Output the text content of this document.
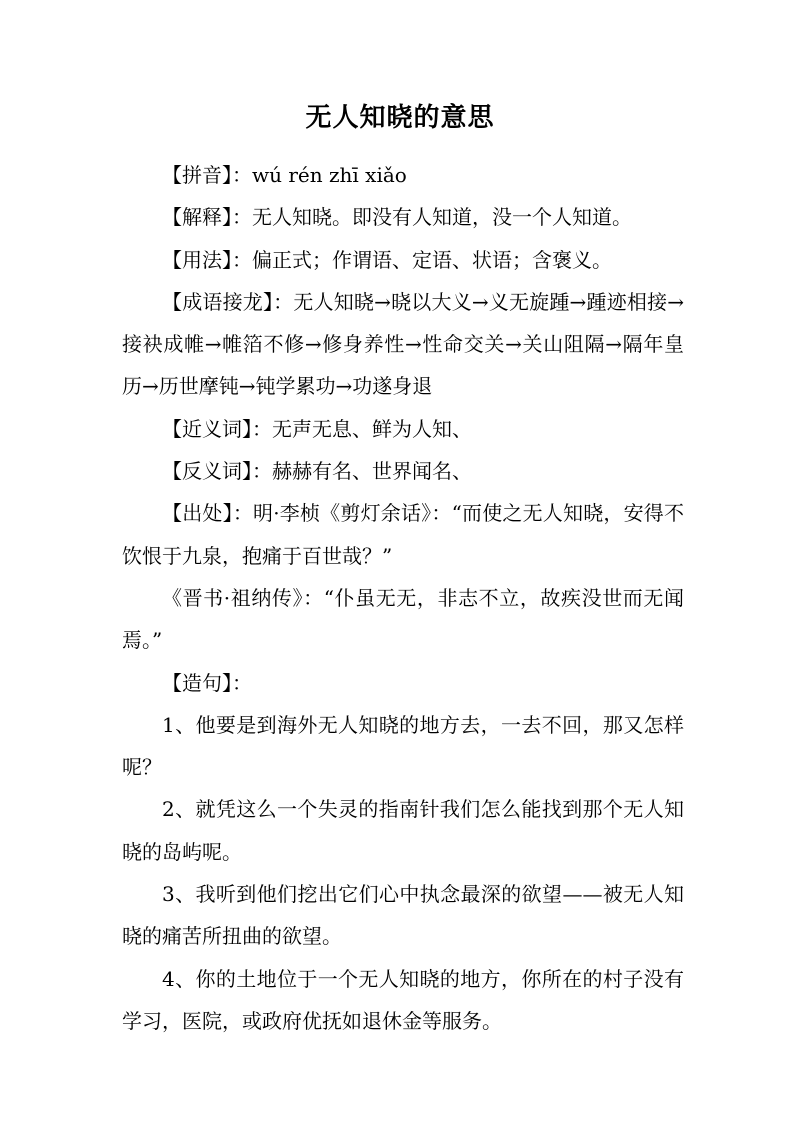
无人知晓的意思

【拼音】：wú rén zhī xiǎo

【解释】：无人知晓。即没有人知道，没一个人知道。

【用法】：偏正式；作谓语、定语、状语；含褒义。

【成语接龙】：无人知晓→晓以大义→义无旋踵→踵迹相接→接袂成帷→帷箔不修→修身养性→性命交关→关山阻隔→隔年皇历→历世摩钝→钝学累功→功遂身退

【近义词】：无声无息、鲜为人知、

【反义词】：赫赫有名、世界闻名、

【出处】：明·李桢《剪灯余话》：“而使之无人知晓，安得不饮恨于九泉，抱痛于百世哉？”

《晋书·祖纳传》：“仆虽无无，非志不立，故疾没世而无闻焉。”

【造句】：

1、他要是到海外无人知晓的地方去，一去不回，那又怎样呢？

2、就凭这么一个失灵的指南针我们怎么能找到那个无人知晓的岛屿呢。

3、我听到他们挖出它们心中执念最深的欲望——被无人知晓的痛苦所扭曲的欲望。

4、你的土地位于一个无人知晓的地方，你所在的村子没有学习，医院，或政府优抚如退休金等服务。
